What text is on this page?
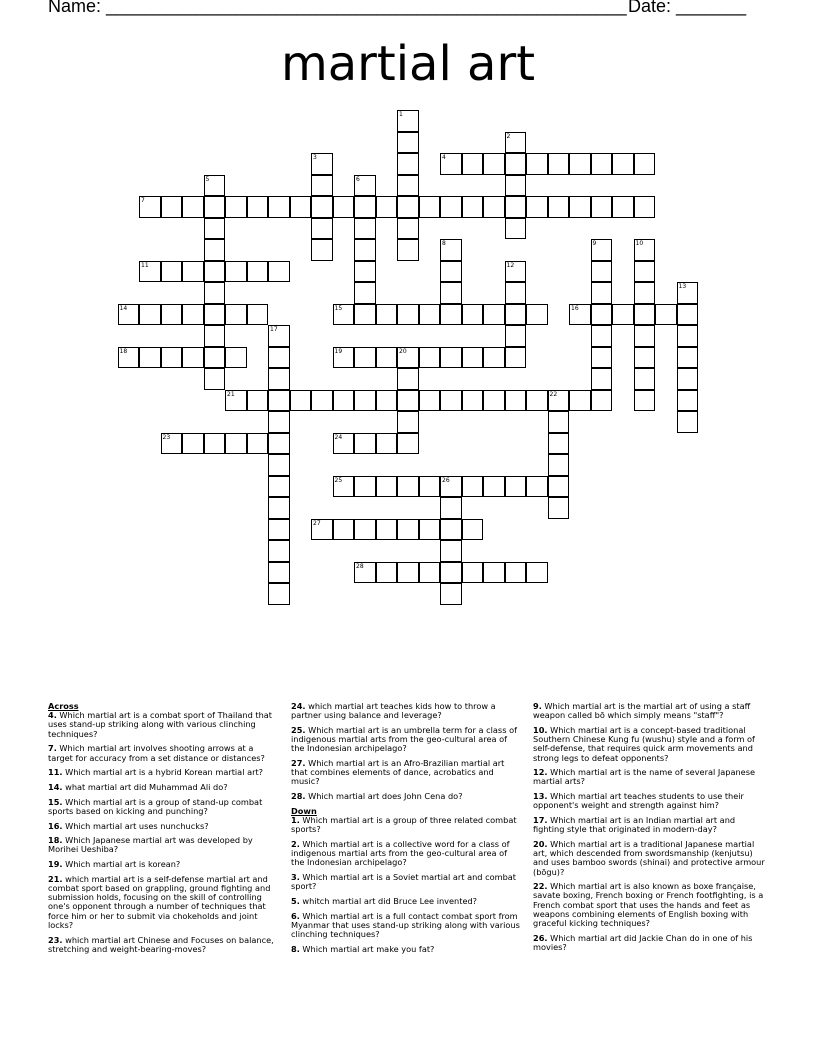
Name: ____________________________________________________ Date: _______
martial art
1
2
3	4
5	6
7
8	9	10
11	12
13
14	15	16
17
18	19	20
21	22
23	24
25	26
27
28
Across
4. Which martial art is a combat sport of Thailand that uses stand-up striking along with various clinching techniques?
7. Which martial art involves shooting arrows at a target for accuracy from a set distance or distances?
11. Which martial art is a hybrid Korean martial art?
14. what martial art did Muhammad Ali do?
15. Which martial art is a group of stand-up combat sports based on kicking and punching?
16. Which martial art uses nunchucks?
18. Which Japanese martial art was developed by Morihei Ueshiba?
19. Which martial art is korean?
21. which martial art is a self-defense martial art and combat sport based on grappling, ground fighting and submission holds, focusing on the skill of controlling one's opponent through a number of techniques that force him or her to submit via chokeholds and joint locks?
23. which martial art Chinese and Focuses on balance, stretching and weight-bearing-moves?
24. which martial art teaches kids how to throw a partner using balance and leverage?
25. Which martial art is an umbrella term for a class of indigenous martial arts from the geo-cultural area of the Indonesian archipelago?
27. Which martial art is an Afro-Brazilian martial art that combines elements of dance, acrobatics and music?
28. Which martial art does John Cena do?
Down
1. Which martial art is a group of three related combat sports?
2. Which martial art is a collective word for a class of indigenous martial arts from the geo-cultural area of the Indonesian archipelago?
3. Which martial art is a Soviet martial art and combat sport?
5. whitch martial art did Bruce Lee invented?
6. Which martial art is a full contact combat sport from Myanmar that uses stand-up striking along with various clinching techniques?
8. Which martial art make you fat?
9. Which martial art is the martial art of using a staff weapon called bō which simply means "staff"?
10. Which martial art is a concept-based traditional Southern Chinese Kung fu (wushu) style and a form of self-defense, that requires quick arm movements and strong legs to defeat opponents?
12. Which martial art is the name of several Japanese martial arts?
13. Which martial art teaches students to use their opponent's weight and strength against him?
17. Which martial art is an Indian martial art and fighting style that originated in modern-day?
20. Which martial art is a traditional Japanese martial art, which descended from swordsmanship (kenjutsu) and uses bamboo swords (shinai) and protective armour (bōgu)?
22. Which martial art is also known as boxe française, savate boxing, French boxing or French footfighting, is a French combat sport that uses the hands and feet as weapons combining elements of English boxing with graceful kicking techniques?
26. Which martial art did Jackie Chan do in one of his movies?
